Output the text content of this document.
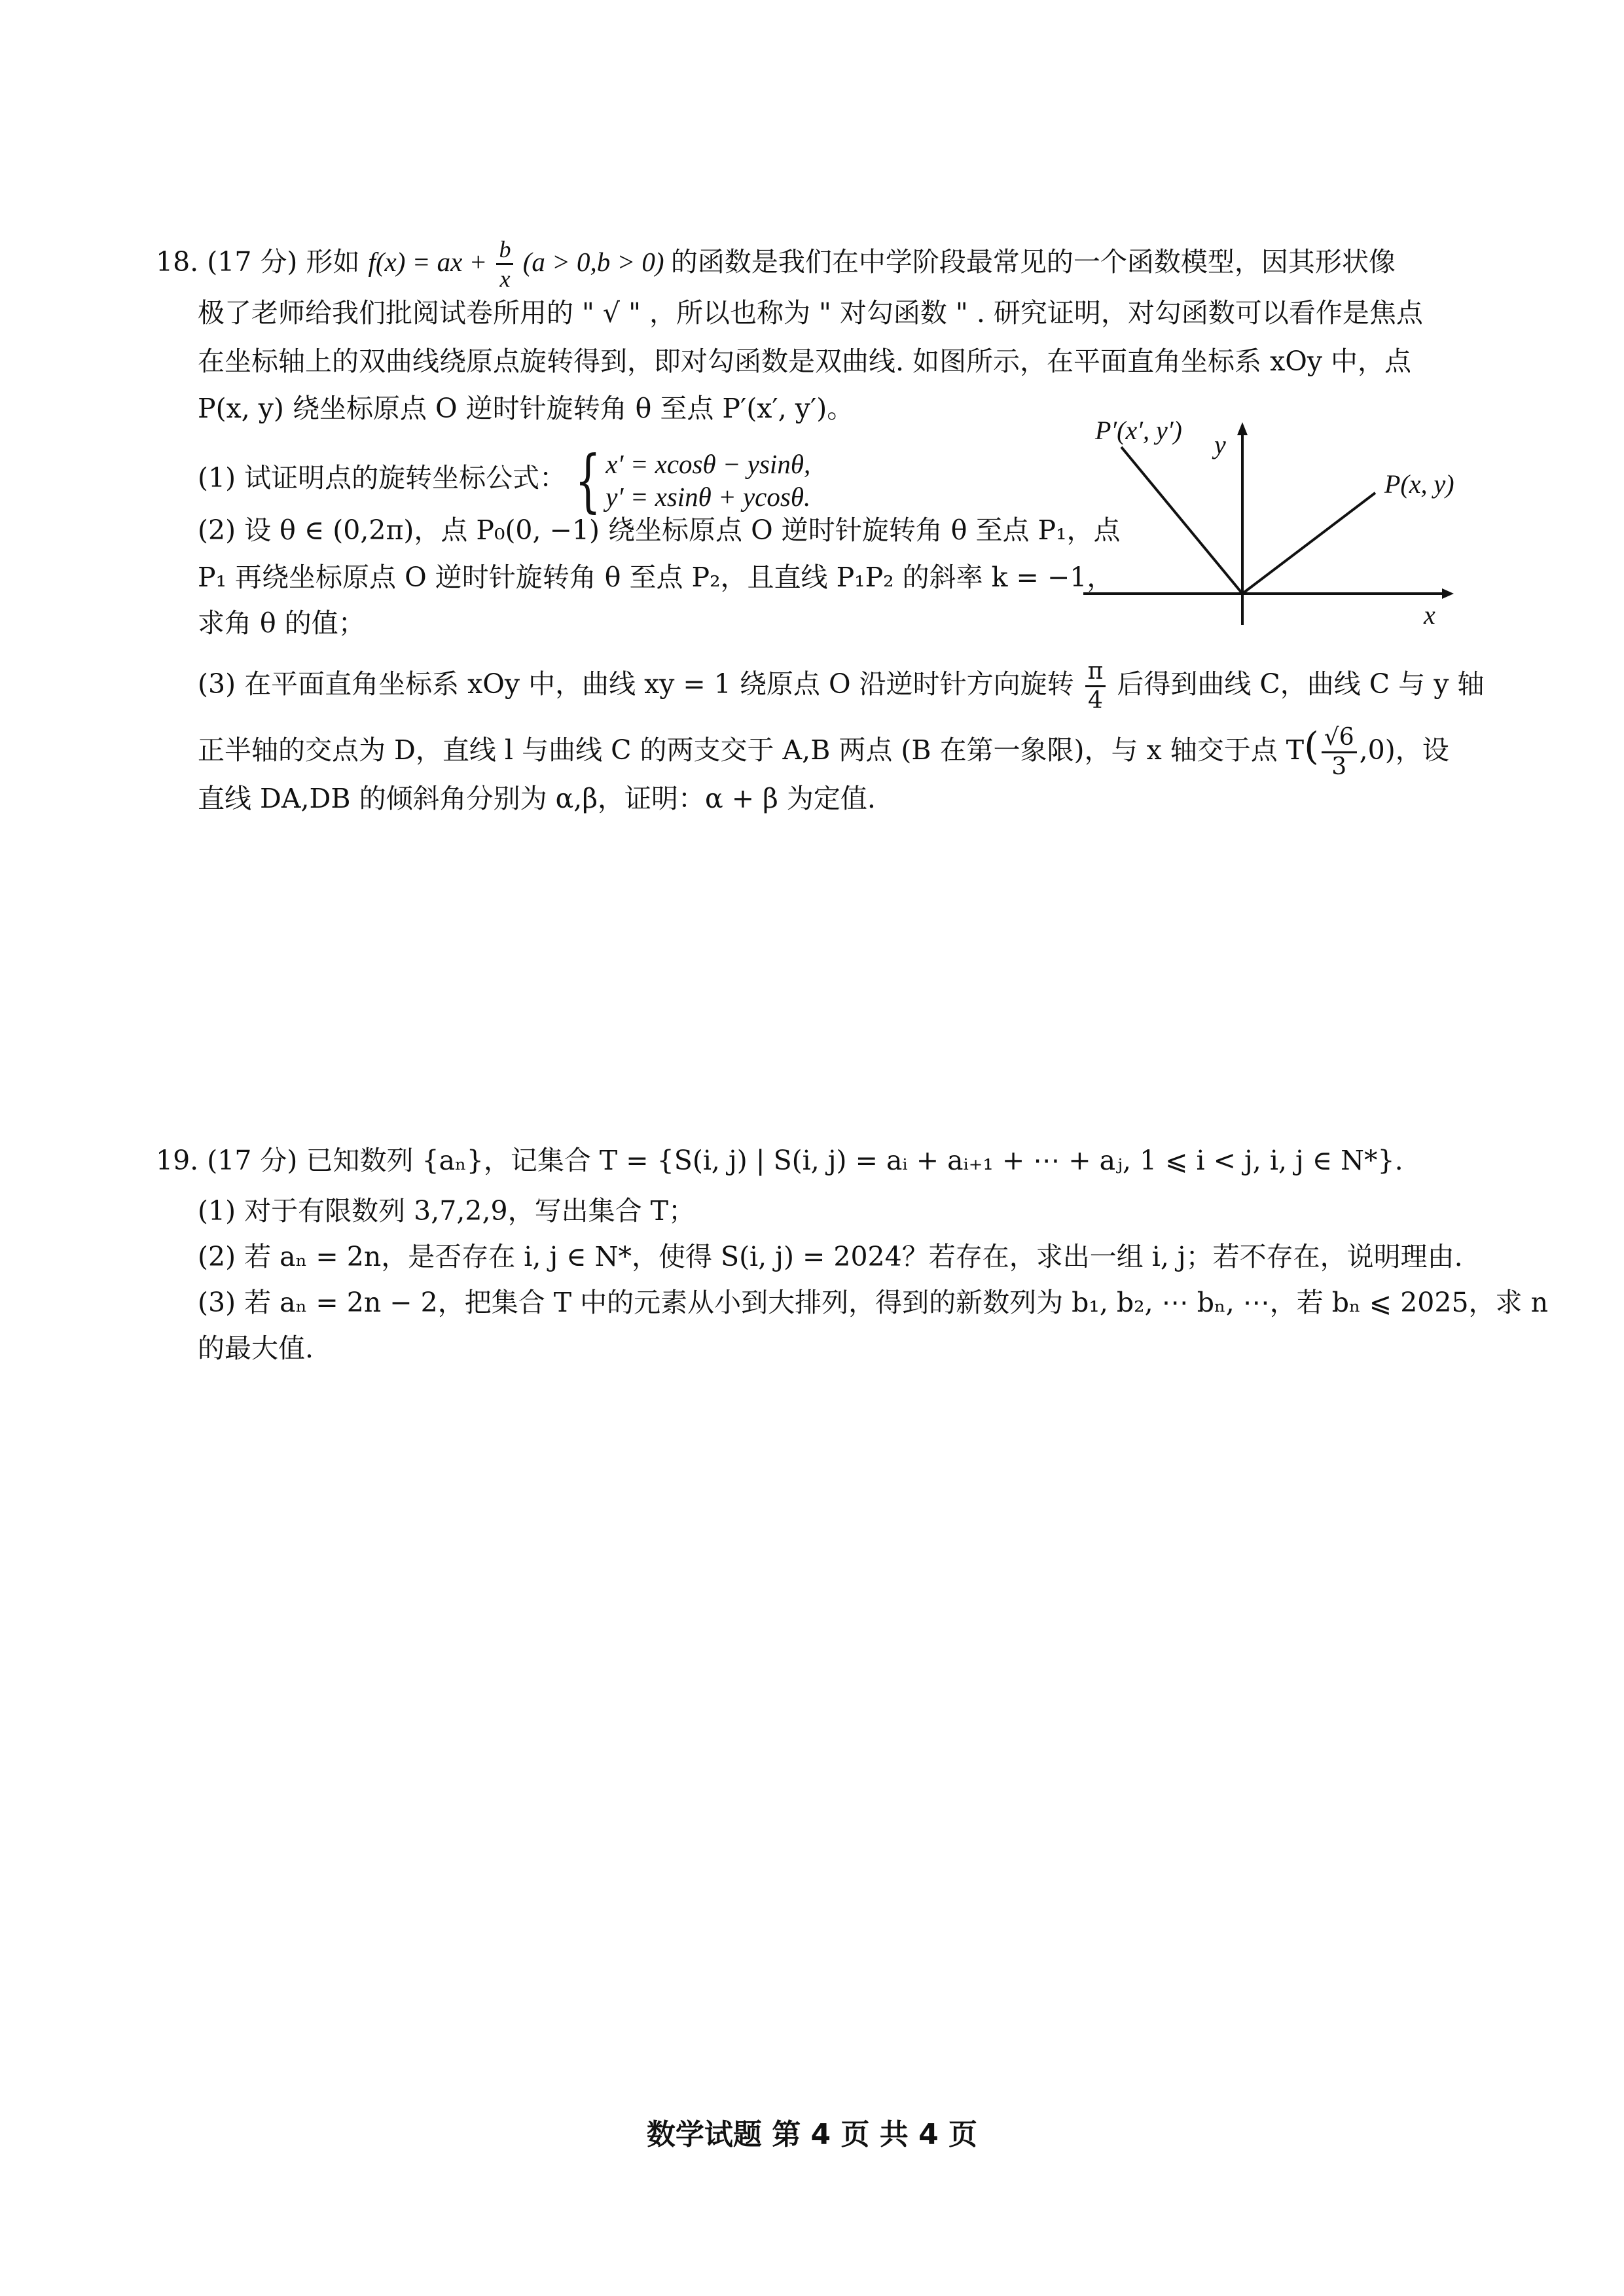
18. (17 分) 形如 f(x) = ax + $\frac{b}{x} (a > 0,b > 0)$ 的函数是我们在中学阶段最常见的一个函数模型，因其形状像
极了老师给我们批阅试卷所用的 " √ " ，所以也称为 " 对勾函数 " . 研究证明，对勾函数可以看作是焦点
在坐标轴上的双曲线绕原点旋转得到，即对勾函数是双曲线. 如图所示，在平面直角坐标系 xOy 中，点
P(x, y) 绕坐标原点 O 逆时针旋转角 θ 至点 P′(x′, y′)。
(1) 试证明点的旋转坐标公式： { x′ = xcosθ − ysinθ,
y′ = xsinθ + ycosθ.
(2) 设 θ ∈ (0,2π)，点 P₀(0, −1) 绕坐标原点 O 逆时针旋转角 θ 至点 P₁，点
P₁ 再绕坐标原点 O 逆时针旋转角 θ 至点 P₂，且直线 P₁P₂ 的斜率 k = −1，
求角 θ 的值；
(3) 在平面直角坐标系 xOy 中，曲线 xy = 1 绕原点 O 沿逆时针方向旋转 $\frac{\pi}{4}$ 后得到曲线 C，曲线 C 与 y 轴
正半轴的交点为 D，直线 l 与曲线 C 的两支交于 A,B 两点 (B 在第一象限)，与 x 轴交于点 $T( \frac{√6}{3} ,0)$，设
直线 DA,DB 的倾斜角分别为 α,β，证明：α + β 为定值.
P′(x′, y′) y
P(x, y)
x
19. (17 分) 已知数列 {aₙ}，记集合 T = {S(i, j) | S(i, j) = aᵢ + aᵢ₊₁ + ⋯ + aⱼ, 1 ⩽ i < j, i, j ∈ N*}.
(1) 对于有限数列 3,7,2,9，写出集合 T；
(2) 若 aₙ = 2n，是否存在 i, j ∈ N*，使得 S(i, j) = 2024？若存在，求出一组 i, j；若不存在，说明理由.
(3) 若 aₙ = 2n − 2，把集合 T 中的元素从小到大排列，得到的新数列为 b₁, b₂, ⋯ bₙ, ⋯，若 bₙ ⩽ 2025，求 n
的最大值.
数学试题 第 4 页 共 4 页
